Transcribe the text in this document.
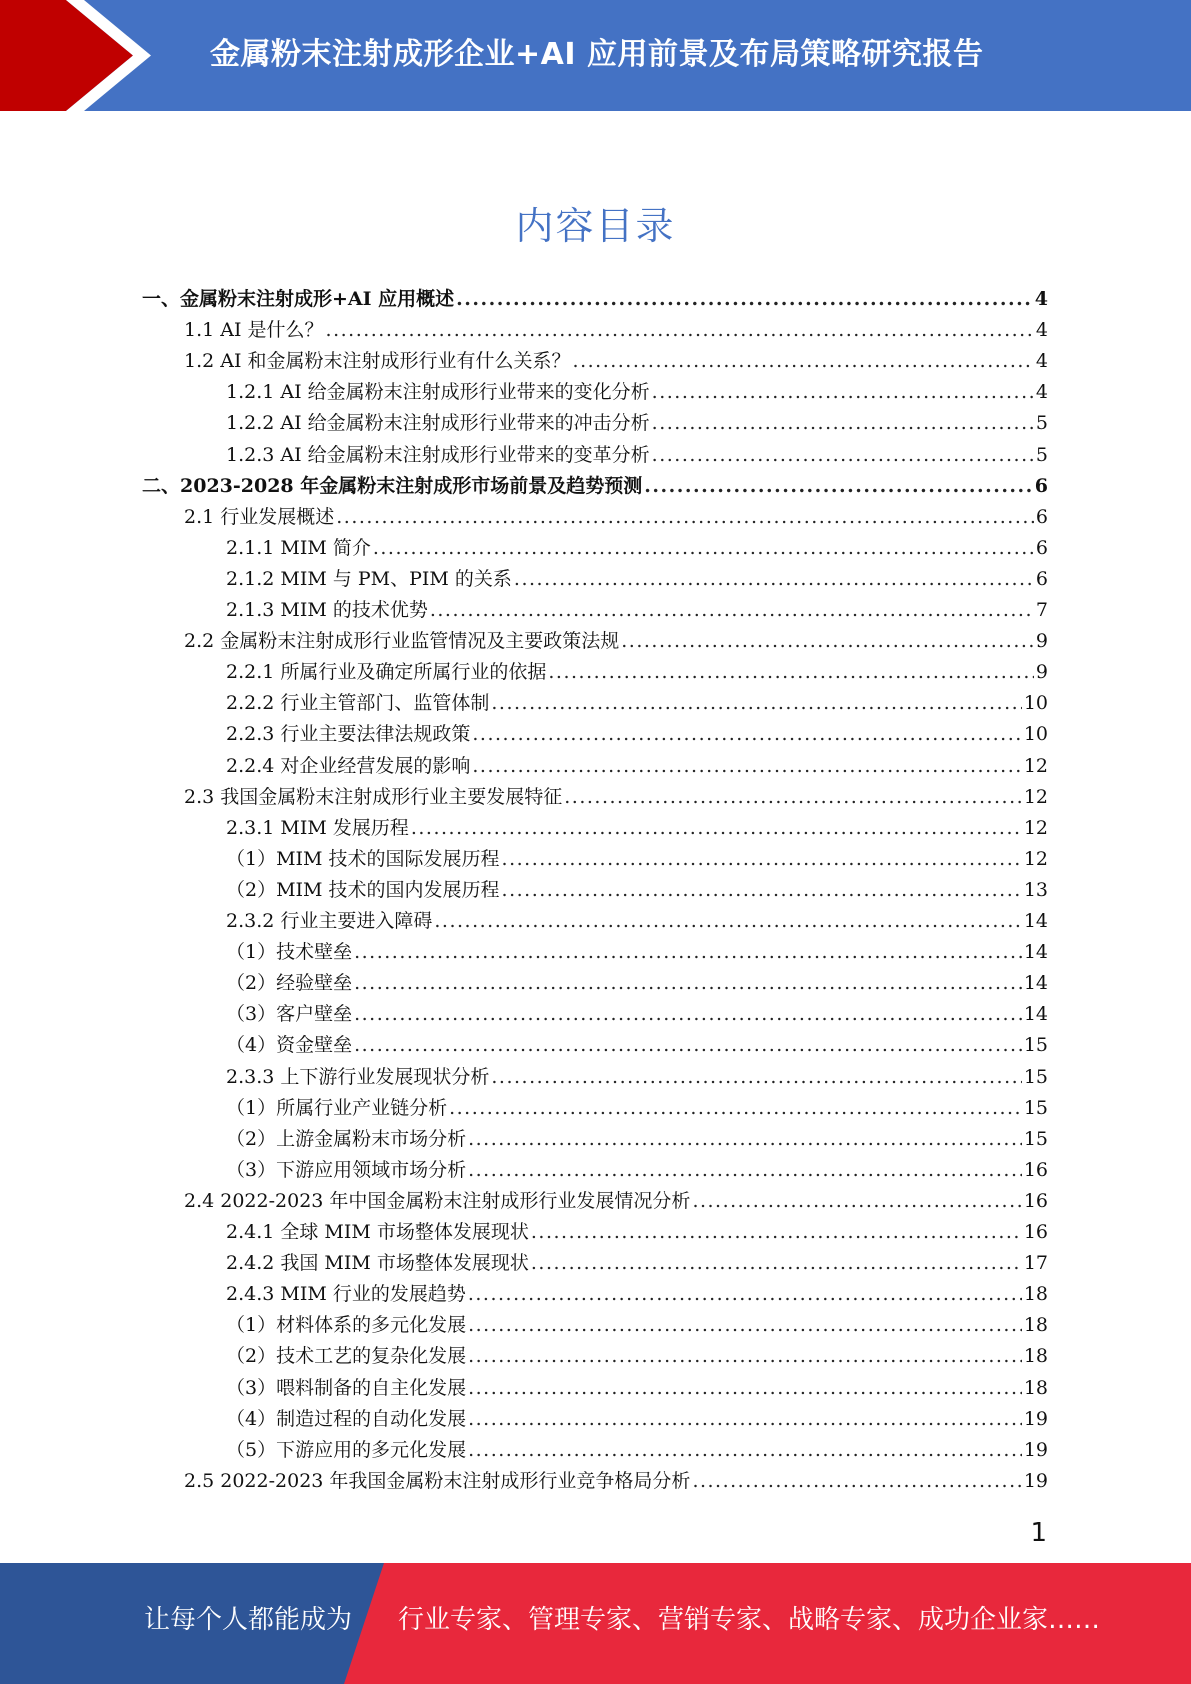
金属粉末注射成形企业+AI 应用前景及布局策略研究报告
内容目录
一、金属粉末注射成形+AI 应用概述 .....	4
1.1 AI 是什么？ .....	4
1.2 AI 和金属粉末注射成形行业有什么关系？ .....	4
1.2.1 AI 给金属粉末注射成形行业带来的变化分析 .....	4
1.2.2 AI 给金属粉末注射成形行业带来的冲击分析 .....	5
1.2.3 AI 给金属粉末注射成形行业带来的变革分析 .....	5
二、2023-2028 年金属粉末注射成形市场前景及趋势预测 .....	6
2.1 行业发展概述 .....	6
2.1.1 MIM 简介 .....	6
2.1.2 MIM 与 PM、PIM 的关系 .....	6
2.1.3 MIM 的技术优势 .....	7
2.2 金属粉末注射成形行业监管情况及主要政策法规 .....	9
2.2.1 所属行业及确定所属行业的依据 .....	9
2.2.2 行业主管部门、监管体制 .....	10
2.2.3 行业主要法律法规政策 .....	10
2.2.4 对企业经营发展的影响 .....	12
2.3 我国金属粉末注射成形行业主要发展特征 .....	12
2.3.1 MIM 发展历程 .....	12
（1）MIM 技术的国际发展历程 .....	12
（2）MIM 技术的国内发展历程 .....	13
2.3.2 行业主要进入障碍 .....	14
（1）技术壁垒 .....	14
（2）经验壁垒 .....	14
（3）客户壁垒 .....	14
（4）资金壁垒 .....	15
2.3.3 上下游行业发展现状分析 .....	15
（1）所属行业产业链分析 .....	15
（2）上游金属粉末市场分析 .....	15
（3）下游应用领域市场分析 .....	16
2.4 2022-2023 年中国金属粉末注射成形行业发展情况分析 .....	16
2.4.1 全球 MIM 市场整体发展现状 .....	16
2.4.2 我国 MIM 市场整体发展现状 .....	17
2.4.3 MIM 行业的发展趋势 .....	18
（1）材料体系的多元化发展 .....	18
（2）技术工艺的复杂化发展 .....	18
（3）喂料制备的自主化发展 .....	18
（4）制造过程的自动化发展 .....	19
（5）下游应用的多元化发展 .....	19
2.5 2022-2023 年我国金属粉末注射成形行业竞争格局分析 .....	19
1
让每个人都能成为 行业专家、管理专家、营销专家、战略专家、成功企业家……
